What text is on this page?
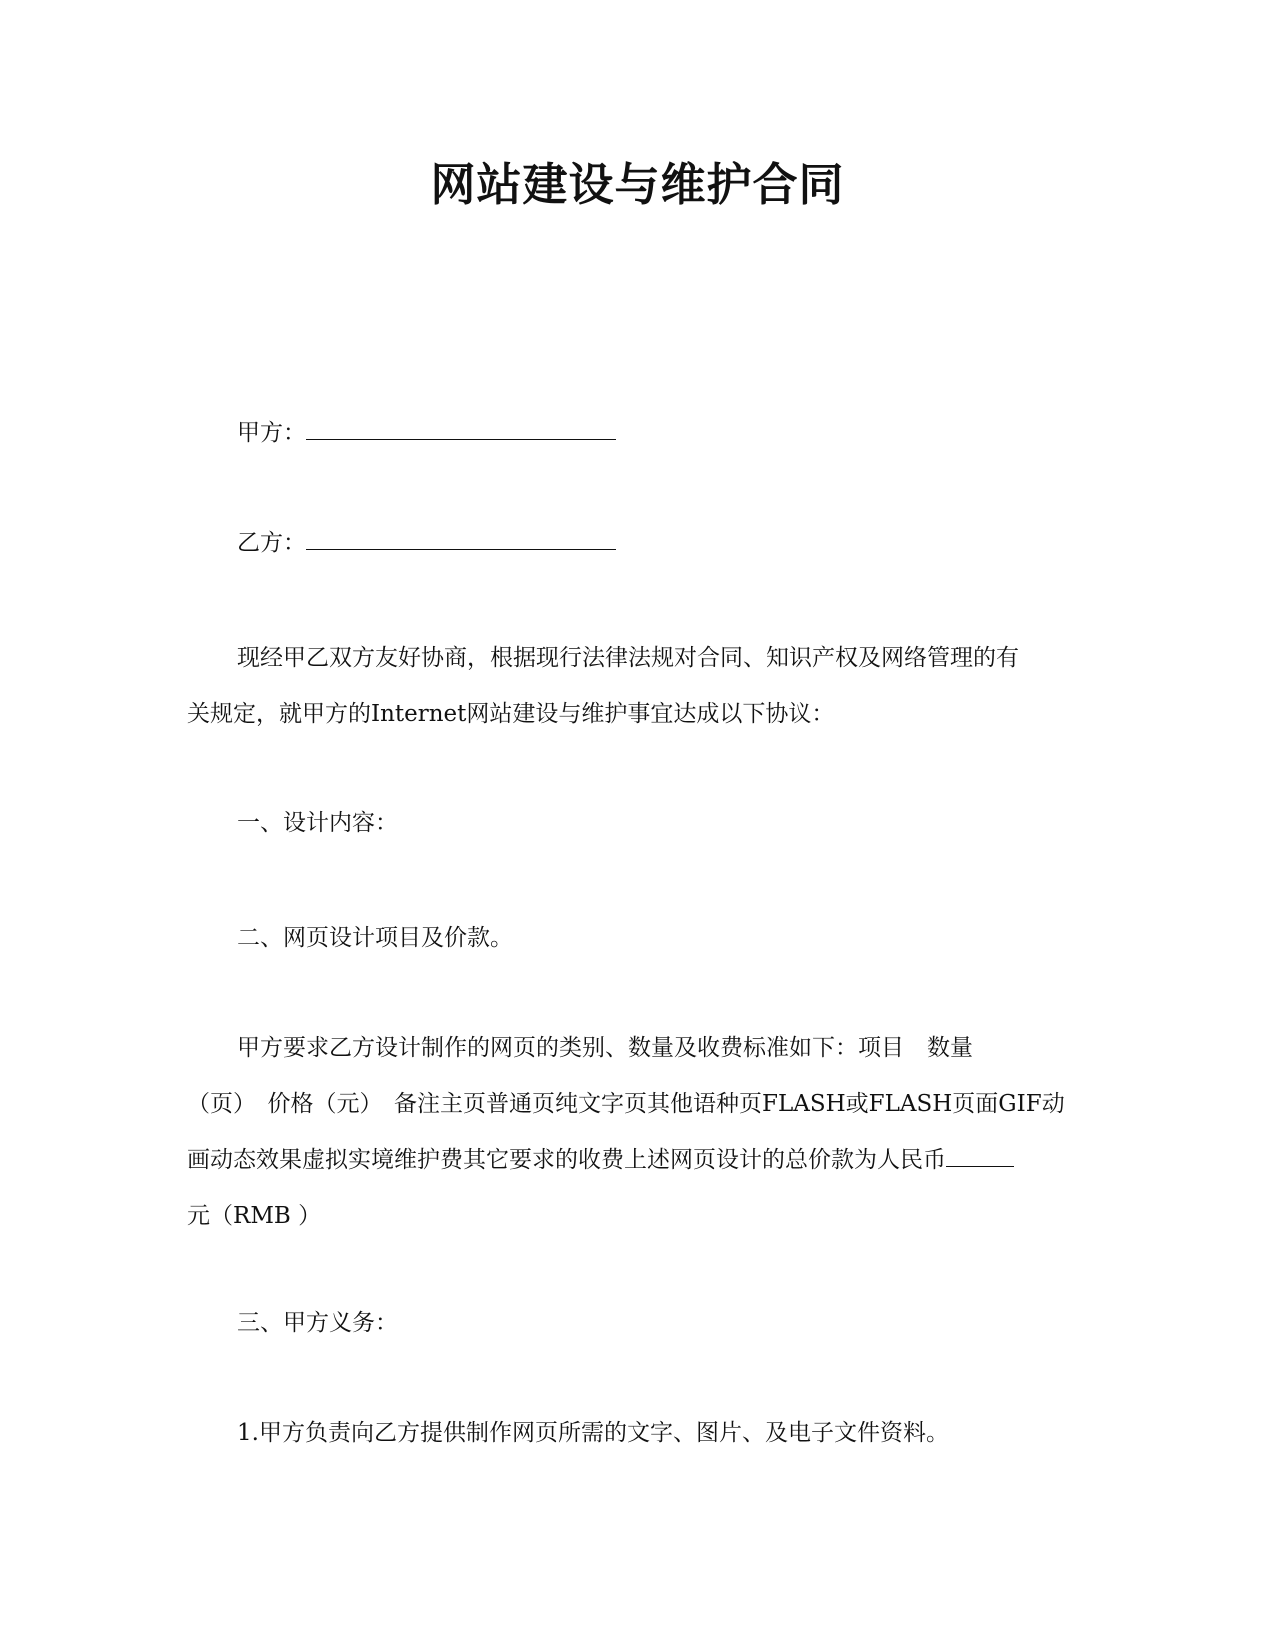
网站建设与维护合同

甲方：

乙方：

现经甲乙双方友好协商，根据现行法律法规对合同、知识产权及网络管理的有
关规定，就甲方的Internet网站建设与维护事宜达成以下协议：

一、设计内容：

二、网页设计项目及价款。

甲方要求乙方设计制作的网页的类别、数量及收费标准如下：项目　数量
（页）　价格（元）　备注主页普通页纯文字页其他语种页FLASH或FLASH页面GIF动
画动态效果虚拟实境维护费其它要求的收费上述网页设计的总价款为人民币
元（RMB ）

三、甲方义务：

1.甲方负责向乙方提供制作网页所需的文字、图片、及电子文件资料。
